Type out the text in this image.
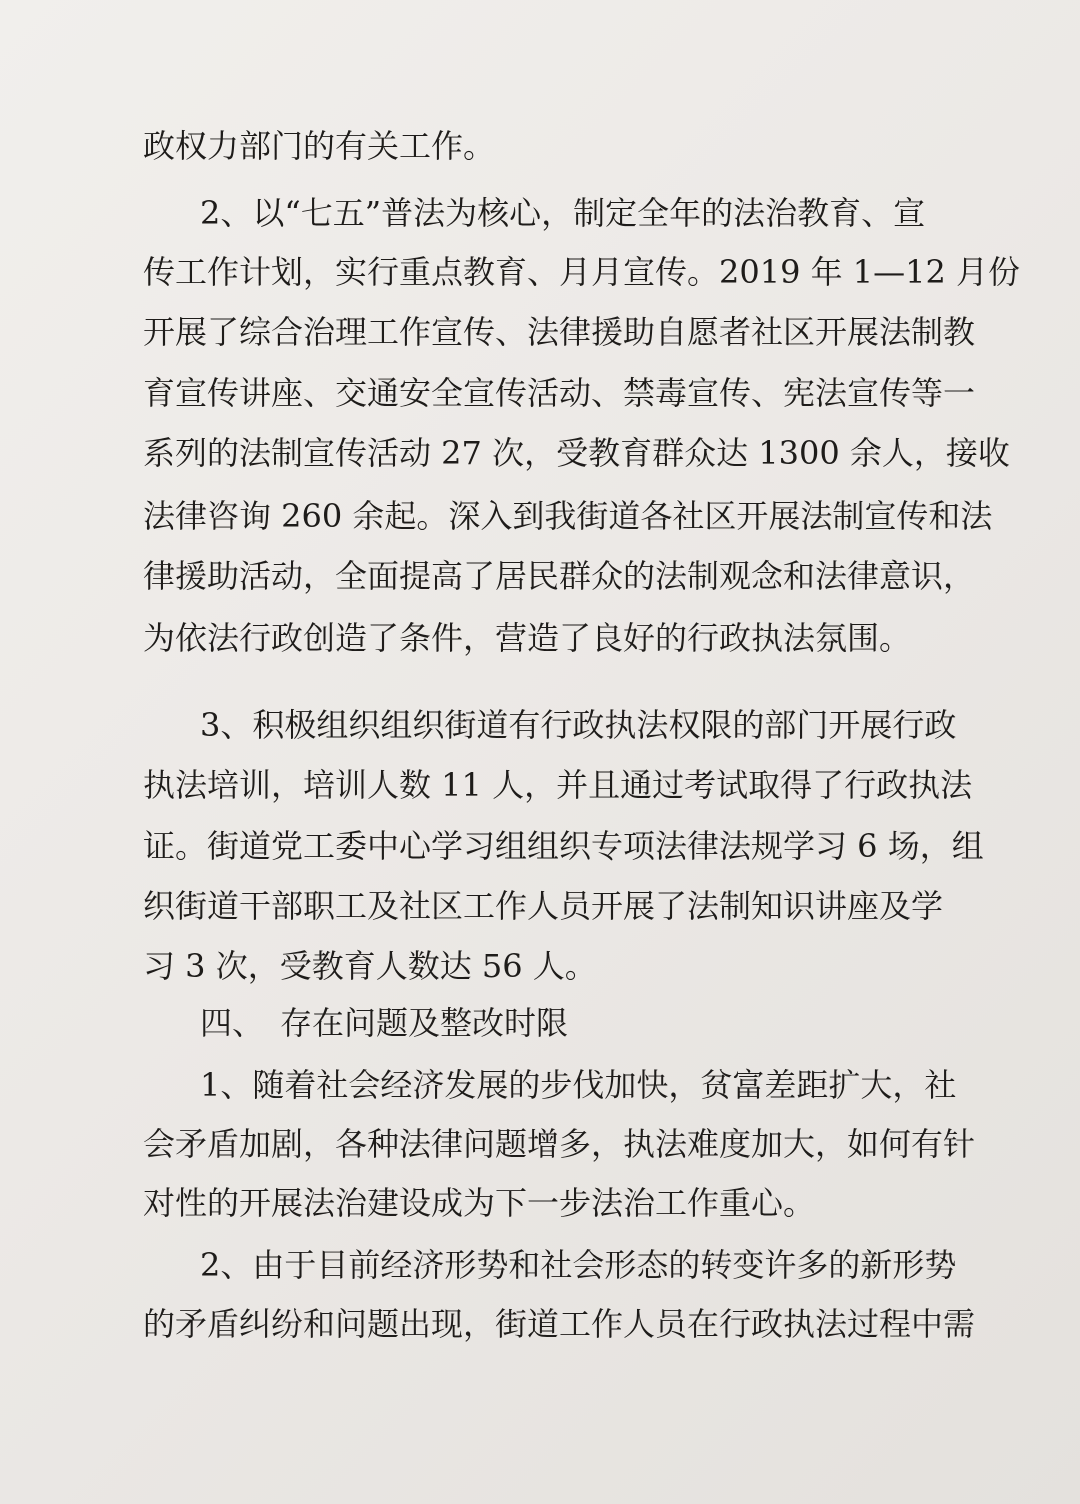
政权力部门的有关工作。
2、以“七五”普法为核心，制定全年的法治教育、宣
传工作计划，实行重点教育、月月宣传。2019 年 1—12 月份
开展了综合治理工作宣传、法律援助自愿者社区开展法制教
育宣传讲座、交通安全宣传活动、禁毒宣传、宪法宣传等一
系列的法制宣传活动 27 次，受教育群众达 1300 余人，接收
法律咨询 260 余起。深入到我街道各社区开展法制宣传和法
律援助活动，全面提高了居民群众的法制观念和法律意识，
为依法行政创造了条件，营造了良好的行政执法氛围。
3、积极组织组织街道有行政执法权限的部门开展行政
执法培训，培训人数 11 人，并且通过考试取得了行政执法
证。街道党工委中心学习组组织专项法律法规学习 6 场，组
织街道干部职工及社区工作人员开展了法制知识讲座及学
习 3 次，受教育人数达 56 人。
四、 存在问题及整改时限
1、随着社会经济发展的步伐加快，贫富差距扩大，社
会矛盾加剧，各种法律问题增多，执法难度加大，如何有针
对性的开展法治建设成为下一步法治工作重心。
2、由于目前经济形势和社会形态的转变许多的新形势
的矛盾纠纷和问题出现，街道工作人员在行政执法过程中需
